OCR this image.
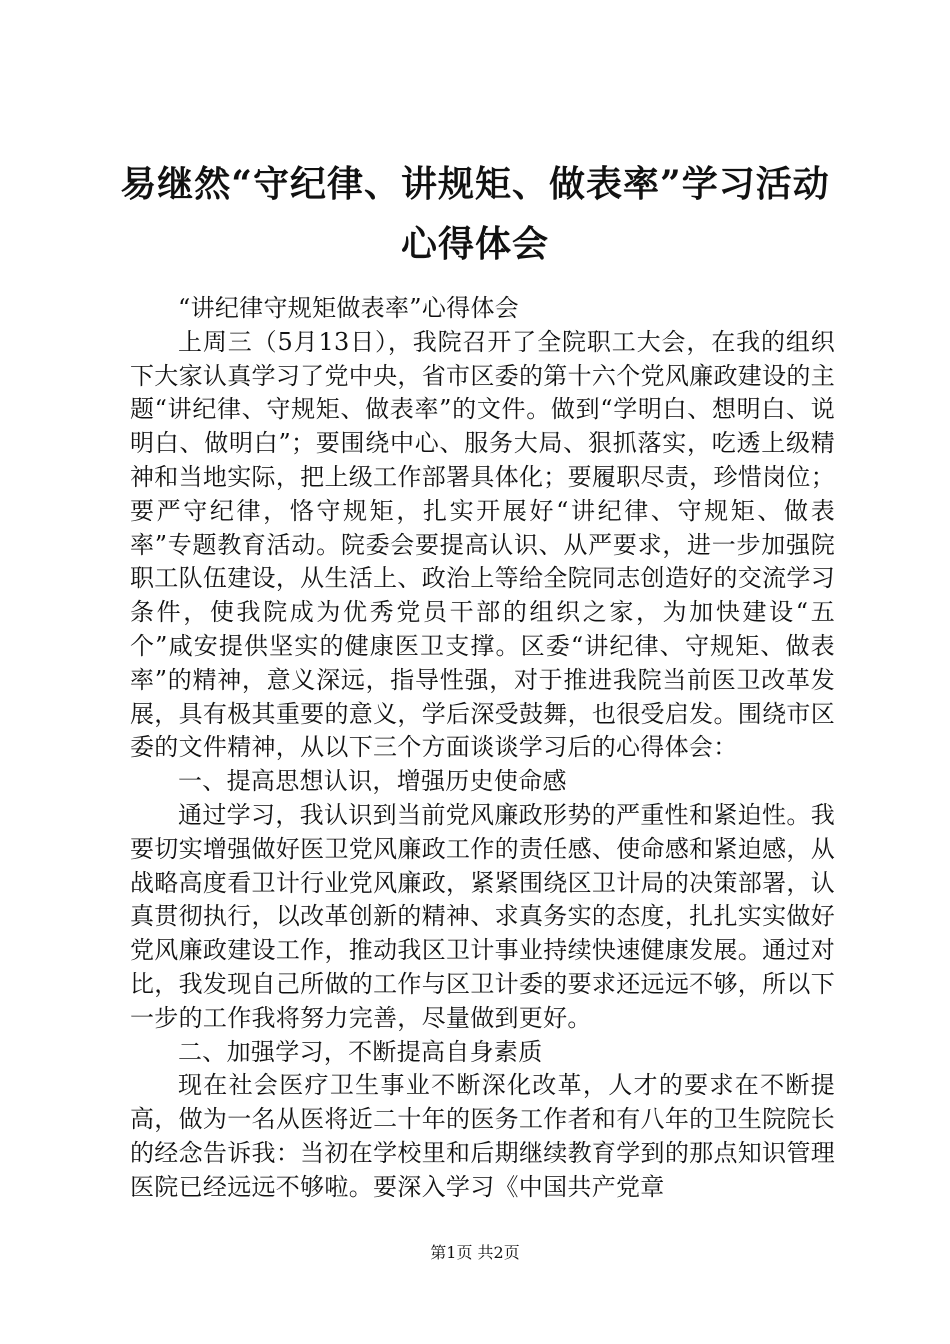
易继然“守纪律、讲规矩、做表率”学习活动
心得体会

“讲纪律守规矩做表率”心得体会

上周三（5月13日），我院召开了全院职工大会，在我的组织下大家认真学习了党中央，省市区委的第十六个党风廉政建设的主题“讲纪律、守规矩、做表率”的文件。做到“学明白、想明白、说明白、做明白”；要围绕中心、服务大局、狠抓落实，吃透上级精神和当地实际，把上级工作部署具体化；要履职尽责，珍惜岗位；要严守纪律，恪守规矩，扎实开展好“讲纪律、守规矩、做表率”专题教育活动。院委会要提高认识、从严要求，进一步加强院职工队伍建设，从生活上、政治上等给全院同志创造好的交流学习条件，使我院成为优秀党员干部的组织之家，为加快建设“五个”咸安提供坚实的健康医卫支撑。区委“讲纪律、守规矩、做表率”的精神，意义深远，指导性强，对于推进我院当前医卫改革发展，具有极其重要的意义，学后深受鼓舞，也很受启发。围绕市区委的文件精神，从以下三个方面谈谈学习后的心得体会：

一、提高思想认识，增强历史使命感

通过学习，我认识到当前党风廉政形势的严重性和紧迫性。我要切实增强做好医卫党风廉政工作的责任感、使命感和紧迫感，从战略高度看卫计行业党风廉政，紧紧围绕区卫计局的决策部署，认真贯彻执行，以改革创新的精神、求真务实的态度，扎扎实实做好党风廉政建设工作，推动我区卫计事业持续快速健康发展。通过对比，我发现自己所做的工作与区卫计委的要求还远远不够，所以下一步的工作我将努力完善，尽量做到更好。

二、加强学习，不断提高自身素质

现在社会医疗卫生事业不断深化改革，人才的要求在不断提高，做为一名从医将近二十年的医务工作者和有八年的卫生院院长的经念告诉我：当初在学校里和后期继续教育学到的那点知识管理医院已经远远不够啦。要深入学习《中国共产党章

第1页 共2页
